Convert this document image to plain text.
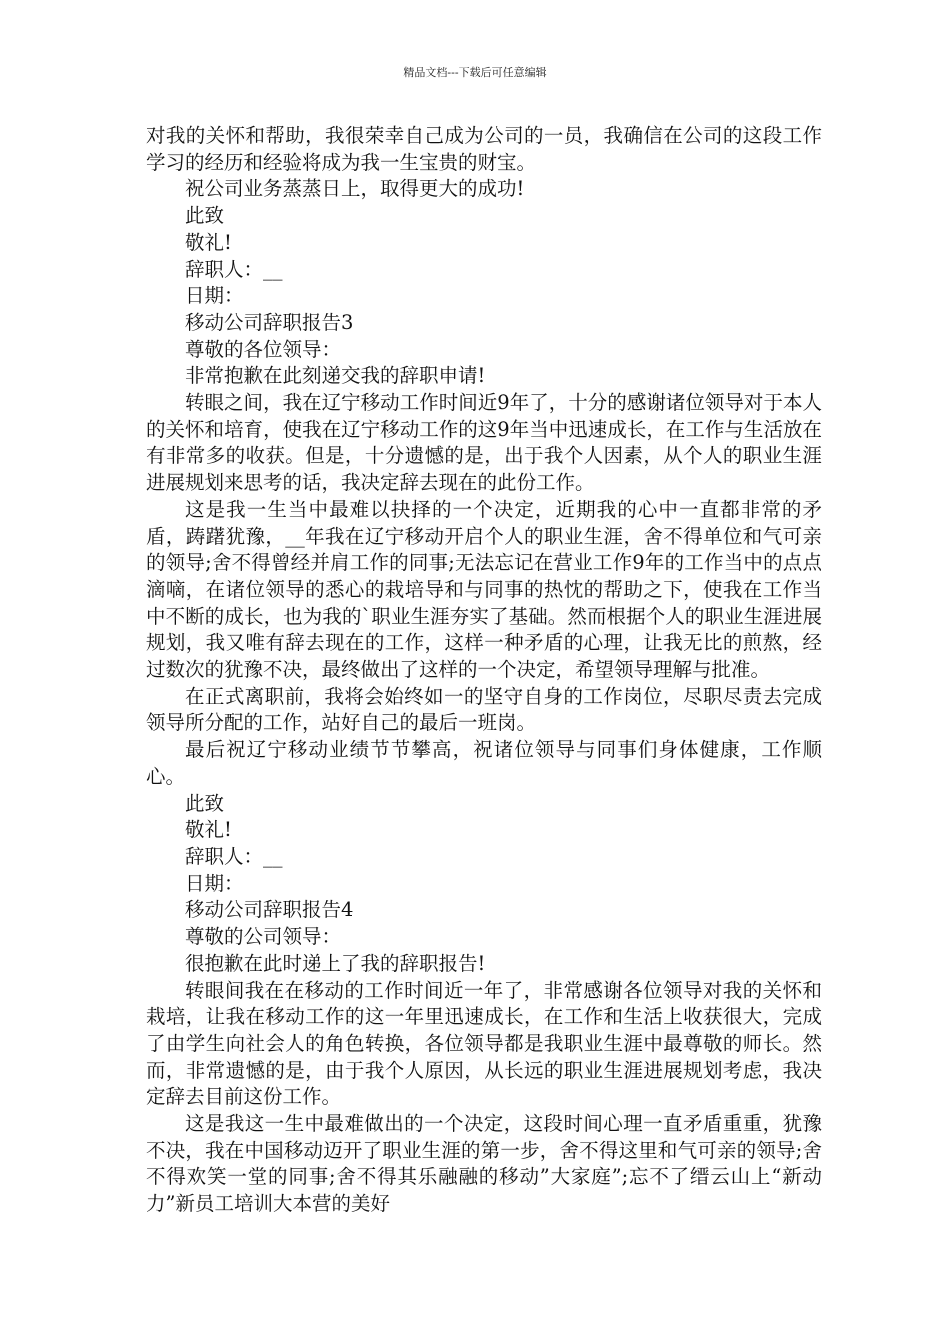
精品文档---下载后可任意编辑

对我的关怀和帮助，我很荣幸自己成为公司的一员，我确信在公司的这段工作学习的经历和经验将成为我一生宝贵的财宝。

祝公司业务蒸蒸日上，取得更大的成功!

此致

敬礼!

辞职人：__

日期：

移动公司辞职报告3

尊敬的各位领导：

非常抱歉在此刻递交我的辞职申请!

转眼之间，我在辽宁移动工作时间近9年了，十分的感谢诸位领导对于本人的关怀和培育，使我在辽宁移动工作的这9年当中迅速成长，在工作与生活放在有非常多的收获。但是，十分遗憾的是，出于我个人因素，从个人的职业生涯进展规划来思考的话，我决定辞去现在的此份工作。

这是我一生当中最难以抉择的一个决定，近期我的心中一直都非常的矛盾，踌躇犹豫，__年我在辽宁移动开启个人的职业生涯，舍不得单位和气可亲的领导;舍不得曾经并肩工作的同事;无法忘记在营业工作9年的工作当中的点点滴嘀，在诸位领导的悉心的栽培导和与同事的热忱的帮助之下，使我在工作当中不断的成长，也为我的`职业生涯夯实了基础。然而根据个人的职业生涯进展规划，我又唯有辞去现在的工作，这样一种矛盾的心理，让我无比的煎熬，经过数次的犹豫不决，最终做出了这样的一个决定，希望领导理解与批准。

在正式离职前，我将会始终如一的坚守自身的工作岗位，尽职尽责去完成领导所分配的工作，站好自己的最后一班岗。

最后祝辽宁移动业绩节节攀高，祝诸位领导与同事们身体健康，工作顺心。

此致

敬礼!

辞职人：__

日期：

移动公司辞职报告4

尊敬的公司领导：

很抱歉在此时递上了我的辞职报告!

转眼间我在在移动的工作时间近一年了，非常感谢各位领导对我的关怀和栽培，让我在移动工作的这一年里迅速成长，在工作和生活上收获很大，完成了由学生向社会人的角色转换，各位领导都是我职业生涯中最尊敬的师长。然而，非常遗憾的是，由于我个人原因，从长远的职业生涯进展规划考虑，我决定辞去目前这份工作。

这是我这一生中最难做出的一个决定，这段时间心理一直矛盾重重，犹豫不决，我在中国移动迈开了职业生涯的第一步，舍不得这里和气可亲的领导;舍不得欢笑一堂的同事;舍不得其乐融融的移动”大家庭”;忘不了缙云山上“新动力”新员工培训大本营的美好
